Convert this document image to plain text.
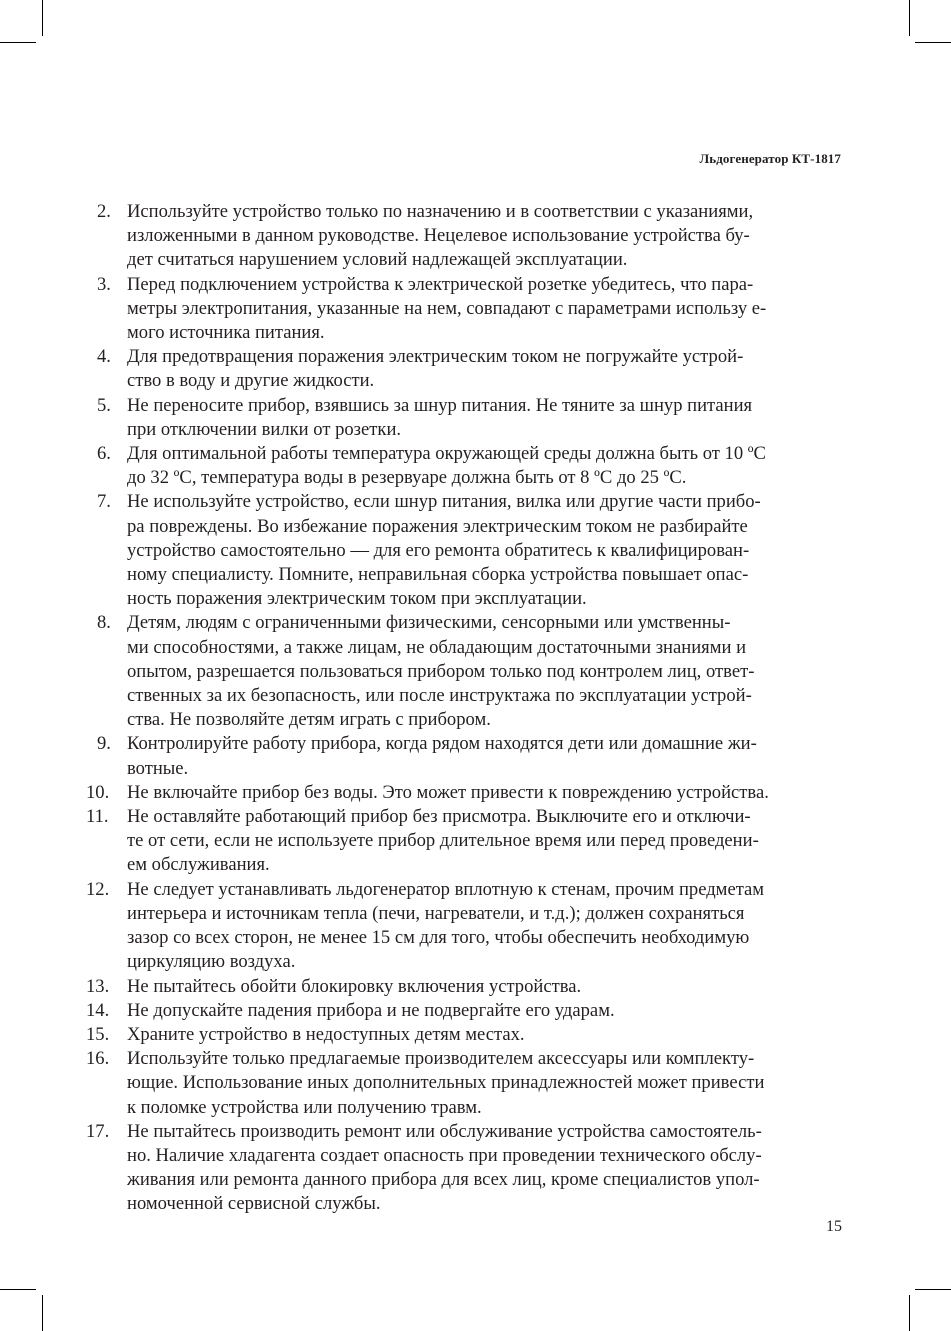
Льдогенератор КТ-1817
2. Используйте устройство только по назначению и в соответствии с указаниями,
изложенными в данном руководстве. Нецелевое использование устройства бу-
дет считаться нарушением условий надлежащей эксплуатации.
3. Перед подключением устройства к электрической розетке убедитесь, что пара-
метры электропитания, указанные на нем, совпадают с параметрами использу е-
мого источника питания.
4. Для предотвращения поражения электрическим током не погружайте устрой-
ство в воду и другие жидкости.
5. Не переносите прибор, взявшись за шнур питания. Не тяните за шнур питания
при отключении вилки от розетки.
6. Для оптимальной работы температура окружающей среды должна быть от 10 ºС
до 32 ºС, температура воды в резервуаре должна быть от 8 ºС до 25 ºС.
7. Не используйте устройство, если шнур питания, вилка или другие части прибо-
ра повреждены. Во избежание поражения электрическим током не разбирайте
устройство самостоятельно — для его ремонта обратитесь к квалифицирован-
ному специалисту. Помните, неправильная сборка устройства повышает опас-
ность поражения электрическим током при эксплуатации.
8. Детям, людям с ограниченными физическими, сенсорными или умственны-
ми способностями, а также лицам, не обладающим достаточными знаниями и
опытом, разрешается пользоваться прибором только под контролем лиц, ответ-
ственных за их безопасность, или после инструктажа по эксплуатации устрой-
ства. Не позволяйте детям играть с прибором.
9. Контролируйте работу прибора, когда рядом находятся дети или домашние жи-
вотные.
10. Не включайте прибор без воды. Это может привести к повреждению устройства.
11. Не оставляйте работающий прибор без присмотра. Выключите его и отключи-
те от сети, если не используете прибор длительное время или перед проведени-
ем обслуживания.
12. Не следует устанавливать льдогенератор вплотную к стенам, прочим предметам
интерьера и источникам тепла (печи, нагреватели, и т.д.); должен сохраняться
зазор со всех сторон, не менее 15 см для того, чтобы обеспечить необходимую
циркуляцию воздуха.
13. Не пытайтесь обойти блокировку включения устройства.
14. Не допускайте падения прибора и не подвергайте его ударам.
15. Храните устройство в недоступных детям местах.
16. Используйте только предлагаемые производителем аксессуары или комплекту-
ющие. Использование иных дополнительных принадлежностей может привести
к поломке устройства или получению травм.
17. Не пытайтесь производить ремонт или обслуживание устройства самостоятель-
но. Наличие хладагента создает опасность при проведении технического обслу-
живания или ремонта данного прибора для всех лиц, кроме специалистов упол-
номоченной сервисной службы.
15
